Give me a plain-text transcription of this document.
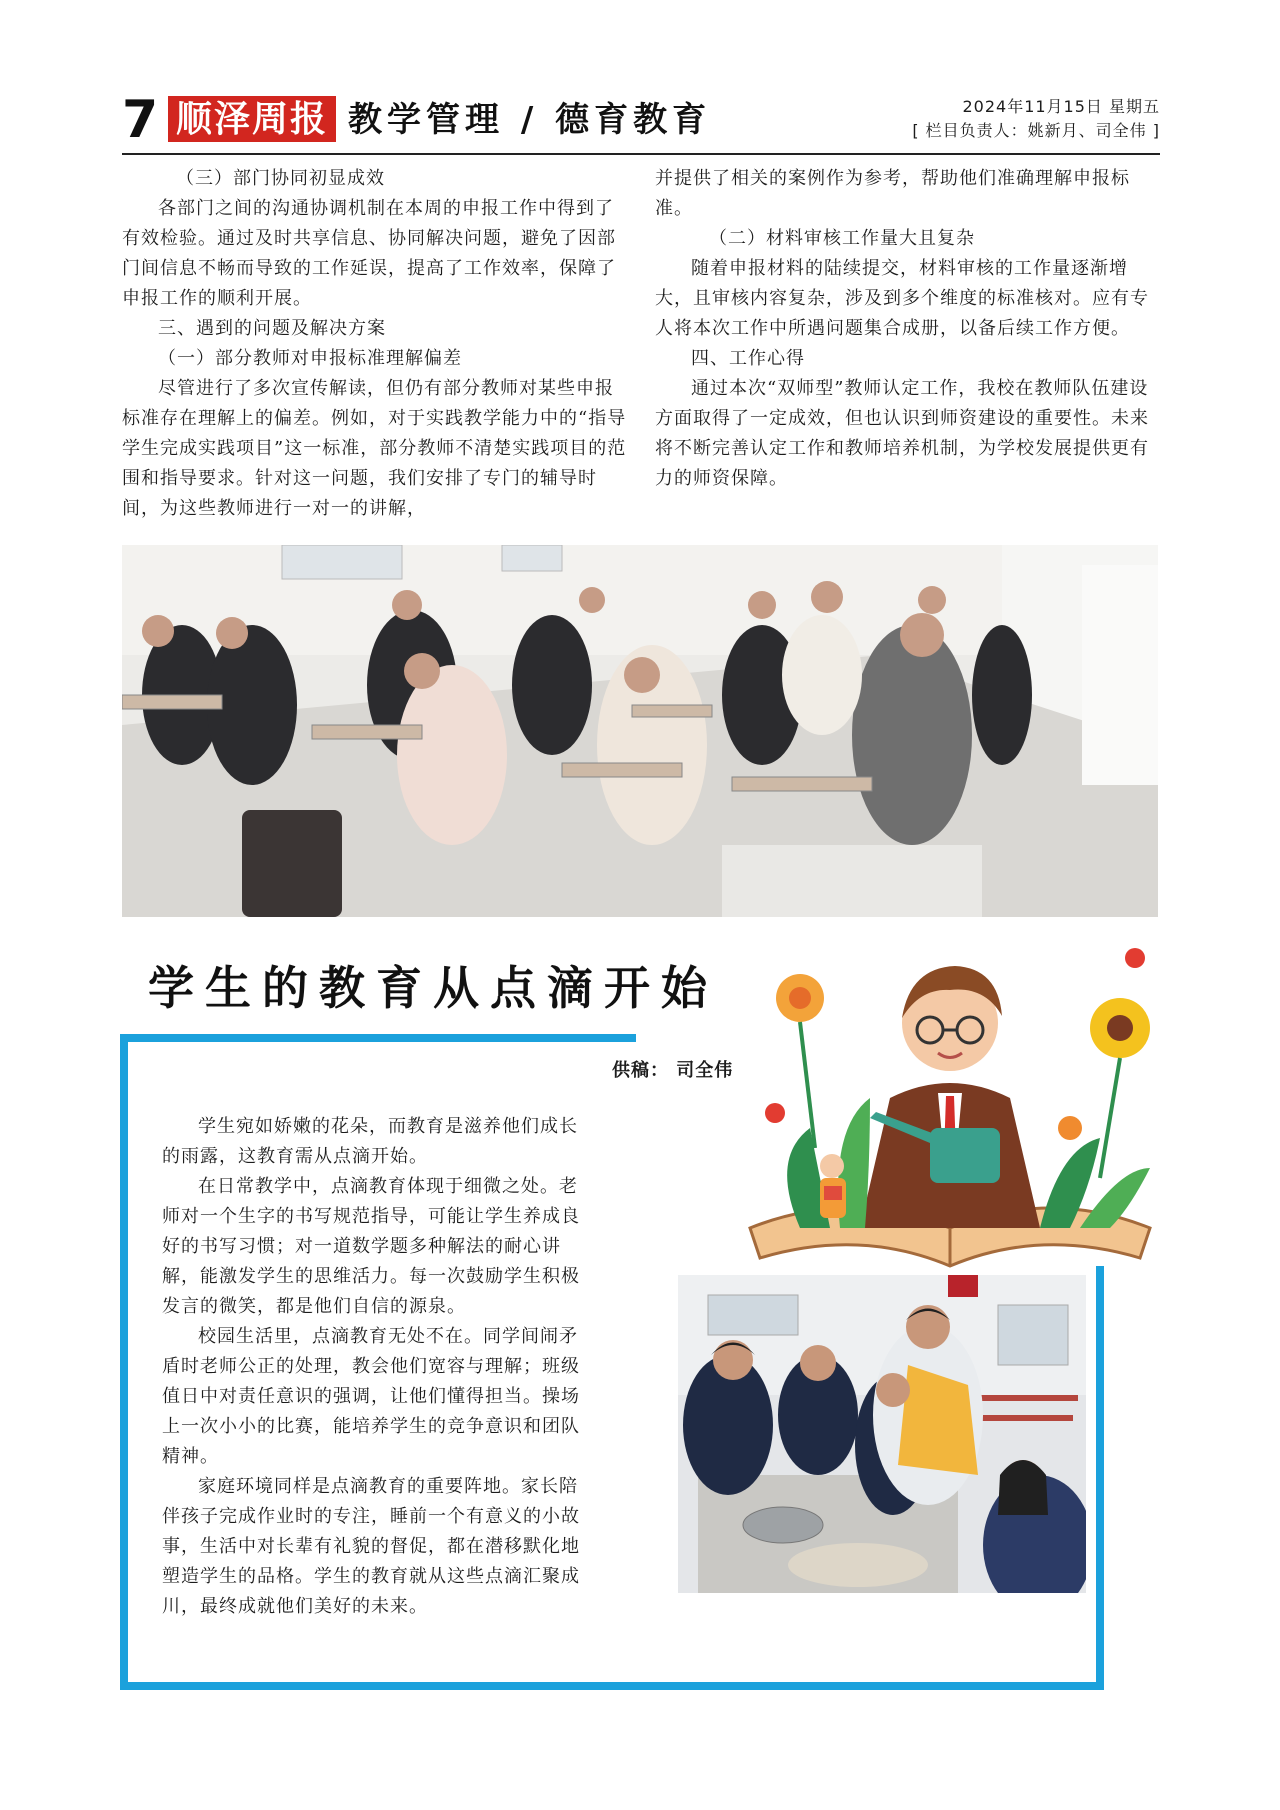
7 顺泽周报 教学管理 / 德育教育	2024年11月15日 星期五
[ 栏目负责人：姚新月、司全伟 ]

（三）部门协同初显成效

各部门之间的沟通协调机制在本周的申报工作中得到了有效检验。通过及时共享信息、协同解决问题，避免了因部门间信息不畅而导致的工作延误，提高了工作效率，保障了申报工作的顺利开展。

三、遇到的问题及解决方案

（一）部分教师对申报标准理解偏差

尽管进行了多次宣传解读，但仍有部分教师对某些申报标准存在理解上的偏差。例如，对于实践教学能力中的“指导学生完成实践项目”这一标准，部分教师不清楚实践项目的范围和指导要求。针对这一问题，我们安排了专门的辅导时间，为这些教师进行一对一的讲解，

并提供了相关的案例作为参考，帮助他们准确理解申报标准。

（二）材料审核工作量大且复杂

随着申报材料的陆续提交，材料审核的工作量逐渐增大，且审核内容复杂，涉及到多个维度的标准核对。应有专人将本次工作中所遇问题集合成册，以备后续工作方便。

四、工作心得

通过本次“双师型”教师认定工作，我校在教师队伍建设方面取得了一定成效，但也认识到师资建设的重要性。未来将不断完善认定工作和教师培养机制，为学校发展提供更有力的师资保障。

学生的教育从点滴开始
供稿： 司全伟

学生宛如娇嫩的花朵，而教育是滋养他们成长的雨露，这教育需从点滴开始。

在日常教学中，点滴教育体现于细微之处。老师对一个生字的书写规范指导，可能让学生养成良好的书写习惯；对一道数学题多种解法的耐心讲解，能激发学生的思维活力。每一次鼓励学生积极发言的微笑，都是他们自信的源泉。

校园生活里，点滴教育无处不在。同学间闹矛盾时老师公正的处理，教会他们宽容与理解；班级值日中对责任意识的强调，让他们懂得担当。操场上一次小小的比赛，能培养学生的竞争意识和团队精神。

家庭环境同样是点滴教育的重要阵地。家长陪伴孩子完成作业时的专注，睡前一个有意义的小故事，生活中对长辈有礼貌的督促，都在潜移默化地塑造学生的品格。学生的教育就从这些点滴汇聚成川，最终成就他们美好的未来。
